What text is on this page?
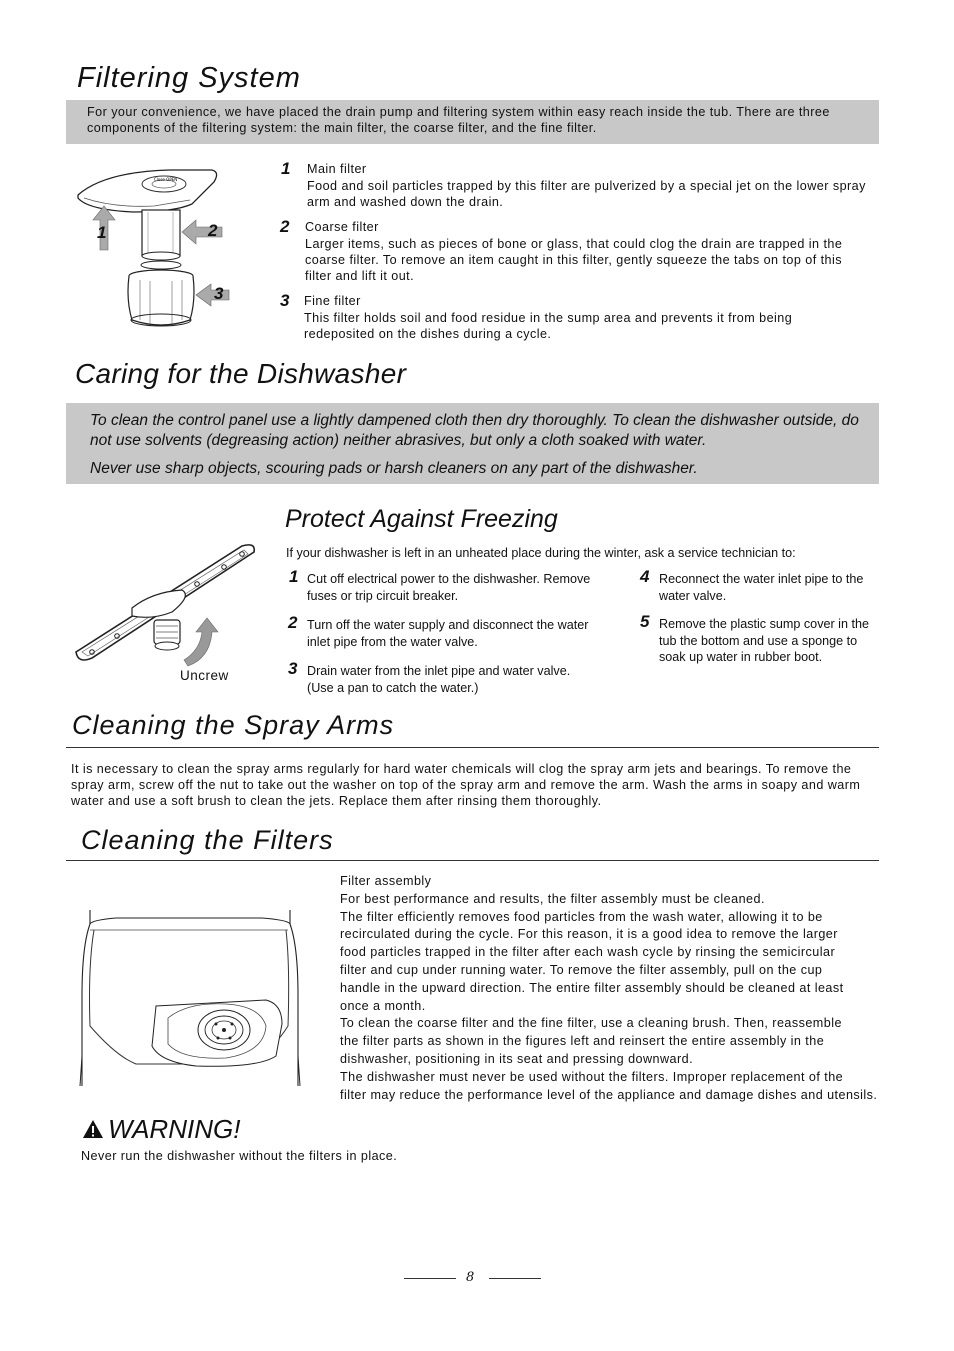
Filtering System
For your convenience, we have placed the drain pump and filtering system within easy reach inside the tub. There are three components of the filtering system: the main filter, the coarse filter, and the fine filter.
Close OPEN
1	2
3
1 Main filter
Food and soil particles trapped by this filter are pulverized by a special jet on the lower spray arm and washed down the drain.
2 Coarse filter
Larger items, such as pieces of bone or glass, that could clog the drain are trapped in the coarse filter. To remove an item caught in this filter, gently squeeze the tabs on top of this filter and lift it out.
3 Fine filter
This filter holds soil and food residue in the sump area and prevents it from being redeposited on the dishes during a cycle.
Caring for the Dishwasher
To clean the control panel use a lightly dampened cloth then dry thoroughly. To clean the dishwasher outside, do not use solvents (degreasing action) neither abrasives, but only a cloth soaked with water.
Never use sharp objects, scouring pads or harsh cleaners on any part of the dishwasher.
Uncrew
Protect Against Freezing
If your dishwasher is left in an unheated place during the winter, ask a service technician to:
1 Cut off electrical power to the dishwasher. Remove fuses or trip circuit breaker.
2 Turn off the water supply and disconnect the water inlet pipe from the water valve.
3 Drain water from the inlet pipe and water valve. (Use a pan to catch the water.)
4 Reconnect the water inlet pipe to the water valve.
5 Remove the plastic sump cover in the tub the bottom and use a sponge to soak up water in rubber boot.
Cleaning the Spray Arms
It is necessary to clean the spray arms regularly for hard water chemicals will clog the spray arm jets and bearings. To remove the spray arm, screw off the nut to take out the washer on top of the spray arm and remove the arm. Wash the arms in soapy and warm water and use a soft brush to clean the jets. Replace them after rinsing them thoroughly.
Cleaning the Filters
Filter assembly
For best performance and results, the filter assembly must be cleaned.
The filter efficiently removes food particles from the wash water, allowing it to be
recirculated during the cycle. For this reason, it is a good idea to remove the larger
food particles trapped in the filter after each wash cycle by rinsing the semicircular
filter and cup under running water. To remove the filter assembly, pull on the cup
handle in the upward direction. The entire filter assembly should be cleaned at least
once a month.
To clean the coarse filter and the fine filter, use a cleaning brush. Then, reassemble
the filter parts as shown in the figures left and reinsert the entire assembly in the
dishwasher, positioning in its seat and pressing downward.
The dishwasher must never be used without the filters. Improper replacement of the
filter may reduce the performance level of the appliance and damage dishes and utensils.
WARNING!
Never run the dishwasher without the filters in place.
8
